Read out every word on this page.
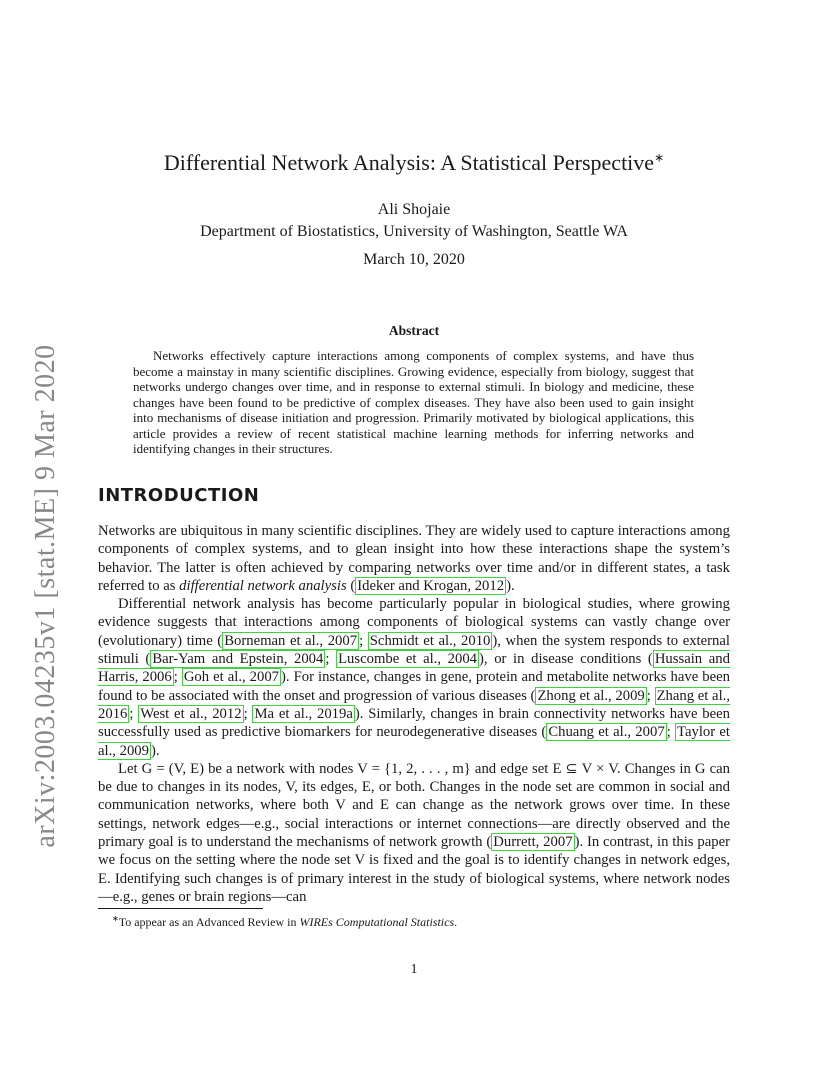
arXiv:2003.04235v1 [stat.ME] 9 Mar 2020
Differential Network Analysis: A Statistical Perspective∗
Ali Shojaie
Department of Biostatistics, University of Washington, Seattle WA
March 10, 2020
Abstract

Networks effectively capture interactions among components of complex systems, and have thus become a mainstay in many scientific disciplines. Growing evidence, especially from biology, suggest that networks undergo changes over time, and in response to external stimuli. In biology and medicine, these changes have been found to be predictive of complex diseases. They have also been used to gain insight into mechanisms of disease initiation and progression. Primarily motivated by biological applications, this article provides a review of recent statistical machine learning methods for inferring networks and identifying changes in their structures.

INTRODUCTION

Networks are ubiquitous in many scientific disciplines. They are widely used to capture interactions among components of complex systems, and to glean insight into how these interactions shape the system’s behavior. The latter is often achieved by comparing networks over time and/or in different states, a task referred to as differential network analysis ( Ideker and Krogan, 2012 ).

Differential network analysis has become particularly popular in biological studies, where growing evidence suggests that interactions among components of biological systems can vastly change over (evolutionary) time ( Borneman et al., 2007 ; Schmidt et al., 2010 ), when the system responds to external stimuli ( Bar-Yam and Epstein, 2004 ; Luscombe et al., 2004 ), or in disease conditions ( Hussain and Harris, 2006 ; Goh et al., 2007 ). For instance, changes in gene, protein and metabolite networks have been found to be associated with the onset and progression of various diseases ( Zhong et al., 2009 ; Zhang et al., 2016 ; West et al., 2012 ; Ma et al., 2019a ). Similarly, changes in brain connectivity networks have been successfully used as predictive biomarkers for neurodegenerative diseases ( Chuang et al., 2007 ; Taylor et al., 2009 ).

Let G = (V, E) be a network with nodes V = {1, 2, . . . , m} and edge set E ⊆ V × V. Changes in G can be due to changes in its nodes, V, its edges, E, or both. Changes in the node set are common in social and communication networks, where both V and E can change as the network grows over time. In these settings, network edges—e.g., social interactions or internet connections—are directly observed and the primary goal is to understand the mechanisms of network growth ( Durrett, 2007 ). In contrast, in this paper we focus on the setting where the node set V is fixed and the goal is to identify changes in network edges, E. Identifying such changes is of primary interest in the study of biological systems, where network nodes—e.g., genes or brain regions—can

∗To appear as an Advanced Review in WIREs Computational Statistics.
1
